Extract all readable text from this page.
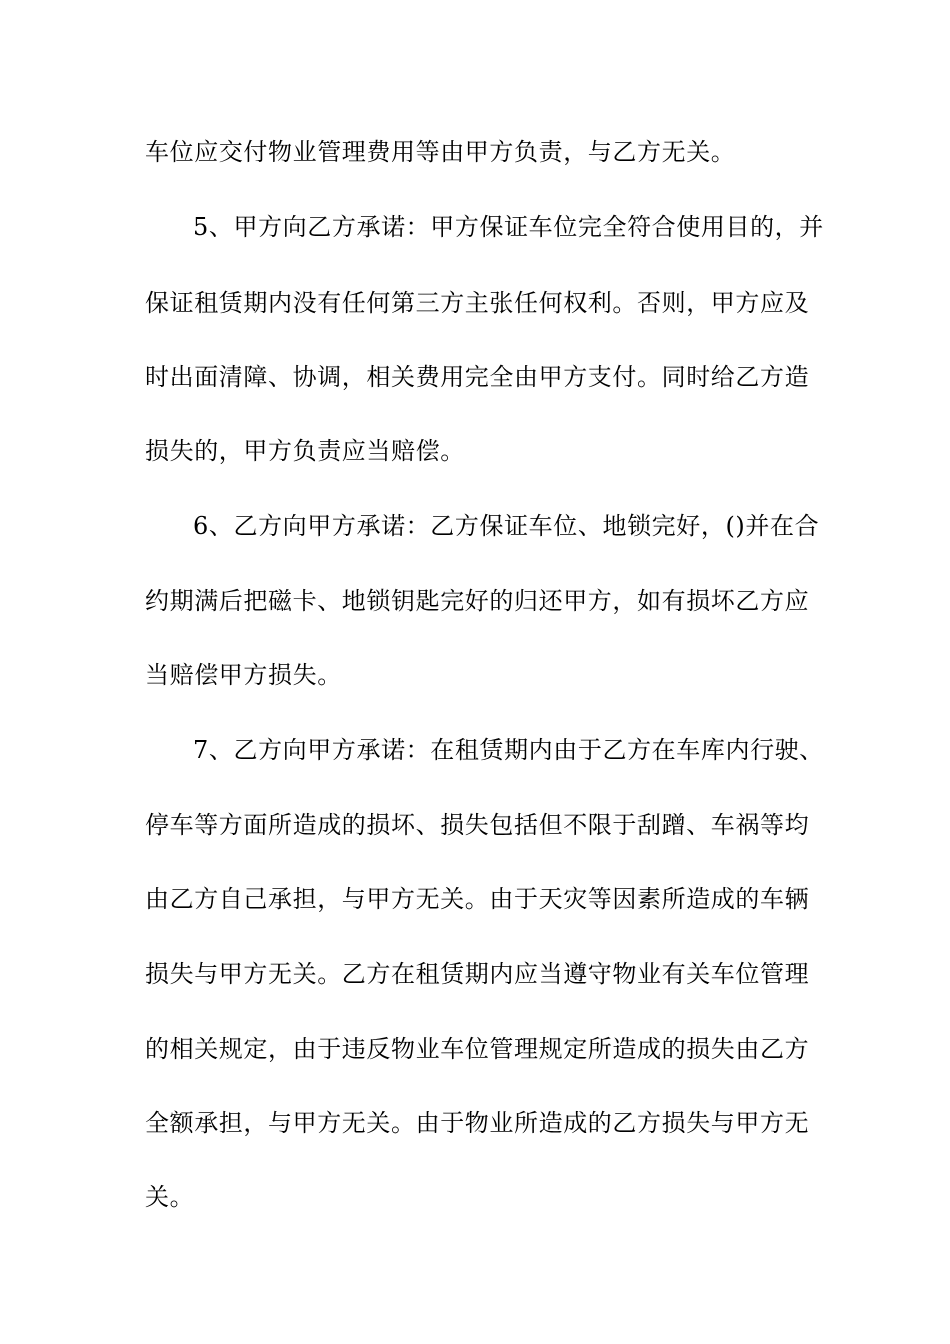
车位应交付物业管理费用等由甲方负责，与乙方无关。
5、甲方向乙方承诺：甲方保证车位完全符合使用目的，并
保证租赁期内没有任何第三方主张任何权利。否则，甲方应及
时出面清障、协调，相关费用完全由甲方支付。同时给乙方造
损失的，甲方负责应当赔偿。
6、乙方向甲方承诺：乙方保证车位、地锁完好，()并在合
约期满后把磁卡、地锁钥匙完好的归还甲方，如有损坏乙方应
当赔偿甲方损失。
7、乙方向甲方承诺：在租赁期内由于乙方在车库内行驶、
停车等方面所造成的损坏、损失包括但不限于刮蹭、车祸等均
由乙方自己承担，与甲方无关。由于天灾等因素所造成的车辆
损失与甲方无关。乙方在租赁期内应当遵守物业有关车位管理
的相关规定，由于违反物业车位管理规定所造成的损失由乙方
全额承担，与甲方无关。由于物业所造成的乙方损失与甲方无
关。
